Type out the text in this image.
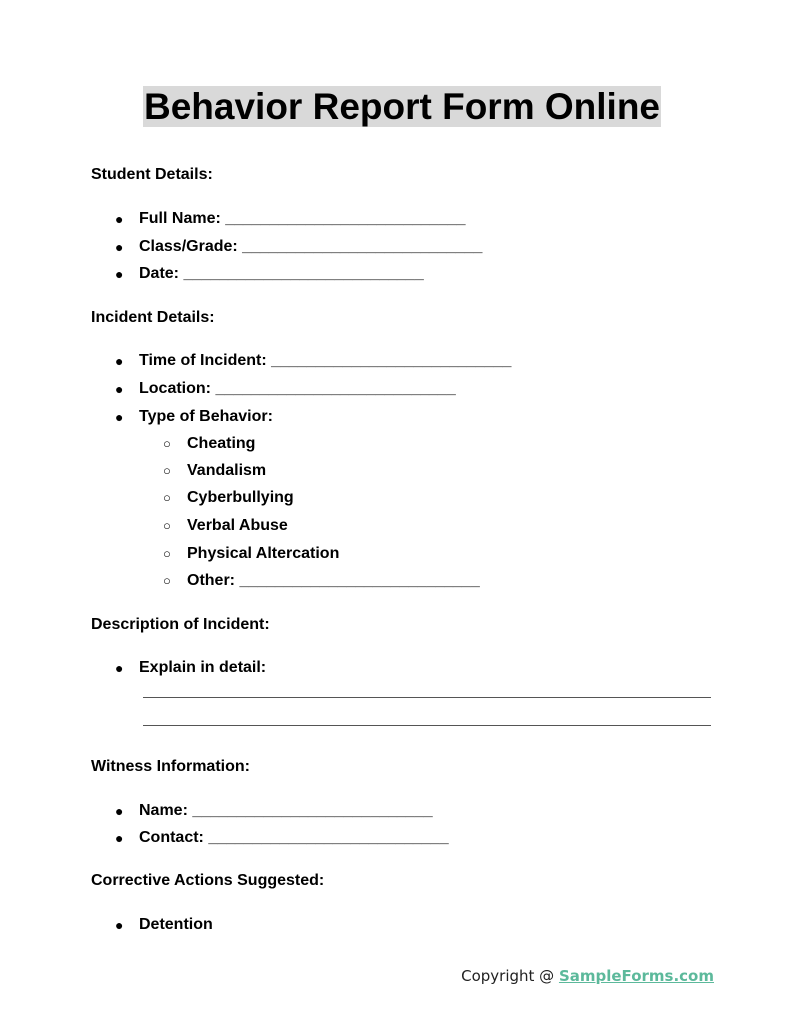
Behavior Report Form Online
Student Details:
● Full Name: ___________________________
● Class/Grade: ___________________________
● Date: ___________________________
Incident Details:
● Time of Incident: ___________________________
● Location: ___________________________
● Type of Behavior:
○ Cheating
○ Vandalism
○ Cyberbullying
○ Verbal Abuse
○ Physical Altercation
○ Other: ___________________________
Description of Incident:
● Explain in detail:
Witness Information:
● Name: ___________________________
● Contact: ___________________________
Corrective Actions Suggested:
● Detention
Copyright @ SampleForms.com
